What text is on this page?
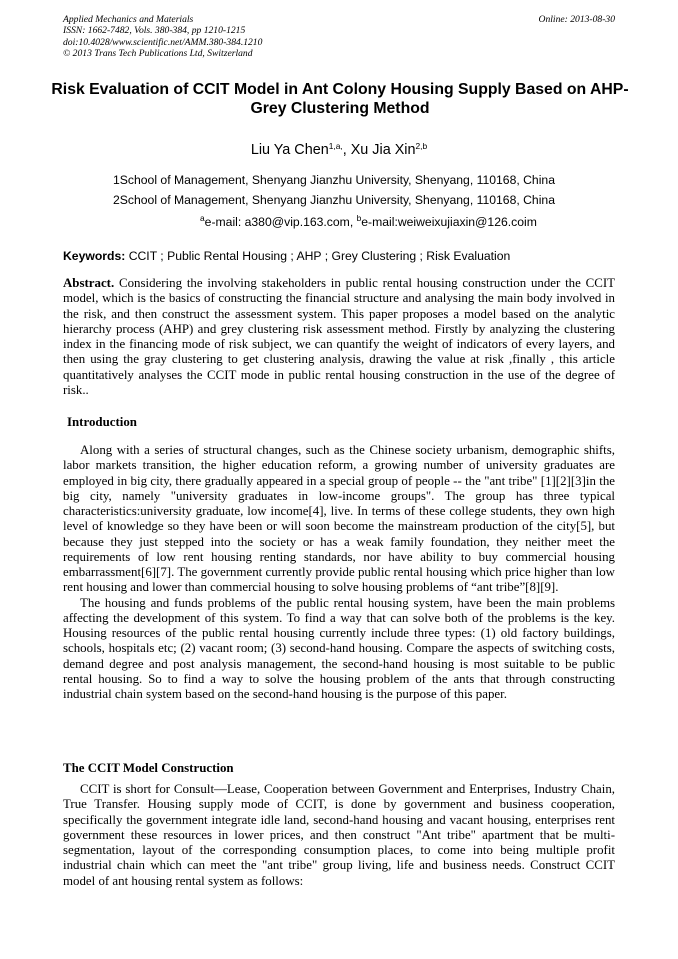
Applied Mechanics and Materials
ISSN: 1662-7482, Vols. 380-384, pp 1210-1215
doi:10.4028/www.scientific.net/AMM.380-384.1210
© 2013 Trans Tech Publications Ltd, Switzerland
Online: 2013-08-30
Risk Evaluation of CCIT Model in Ant Colony Housing Supply Based on AHP-Grey Clustering Method
Liu Ya Chen$^{1,a,}$, Xu Jia Xin$^{2,b}$
1School of Management, Shenyang Jianzhu University, Shenyang, 110168, China
2School of Management, Shenyang Jianzhu University, Shenyang, 110168, China
$^a$e-mail: a380@vip.163.com, $^b$e-mail:weiweixujiaxin@126.coim
Keywords: CCIT ; Public Rental Housing ; AHP ; Grey Clustering ; Risk Evaluation

Abstract. Considering the involving stakeholders in public rental housing construction under the CCIT model, which is the basics of constructing the financial structure and analysing the main body involved in the risk, and then construct the assessment system. This paper proposes a model based on the analytic hierarchy process (AHP) and grey clustering risk assessment method. Firstly by analyzing the clustering index in the financing mode of risk subject, we can quantify the weight of indicators of every layers, and then using the gray clustering to get clustering analysis, drawing the value at risk ,finally , this article quantitatively analyses the CCIT mode in public rental housing construction in the use of the degree of risk..

Introduction

Along with a series of structural changes, such as the Chinese society urbanism, demographic shifts, labor markets transition, the higher education reform, a growing number of university graduates are employed in big city, there gradually appeared in a special group of people -- the "ant tribe" [1][2][3]in the big city, namely "university graduates in low-income groups". The group has three typical characteristics:university graduate, low income[4], live. In terms of these college students, they own high level of knowledge so they have been or will soon become the mainstream production of the city[5], but because they just stepped into the society or has a weak family foundation, they neither meet the requirements of low rent housing renting standards, nor have ability to buy commercial housing embarrassment[6][7]. The government currently provide public rental housing which price higher than low rent housing and lower than commercial housing to solve housing problems of “ant tribe”[8][9].

The housing and funds problems of the public rental housing system, have been the main problems affecting the development of this system. To find a way that can solve both of the problems is the key. Housing resources of the public rental housing currently include three types: (1) old factory buildings, schools, hospitals etc; (2) vacant room; (3) second-hand housing. Compare the aspects of switching costs, demand degree and post analysis management, the second-hand housing is most suitable to be public rental housing. So to find a way to solve the housing problem of the ants that through constructing industrial chain system based on the second-hand housing is the purpose of this paper.

The CCIT Model Construction

CCIT is short for Consult—Lease, Cooperation between Government and Enterprises, Industry Chain, True Transfer. Housing supply mode of CCIT, is done by government and business cooperation, specifically the government integrate idle land, second-hand housing and vacant housing, enterprises rent government these resources in lower prices, and then construct "Ant tribe" apartment that be multi-segmentation, layout of the corresponding consumption places, to come into being multiple profit industrial chain which can meet the "ant tribe" group living, life and business needs. Construct CCIT model of ant housing rental system as follows:
